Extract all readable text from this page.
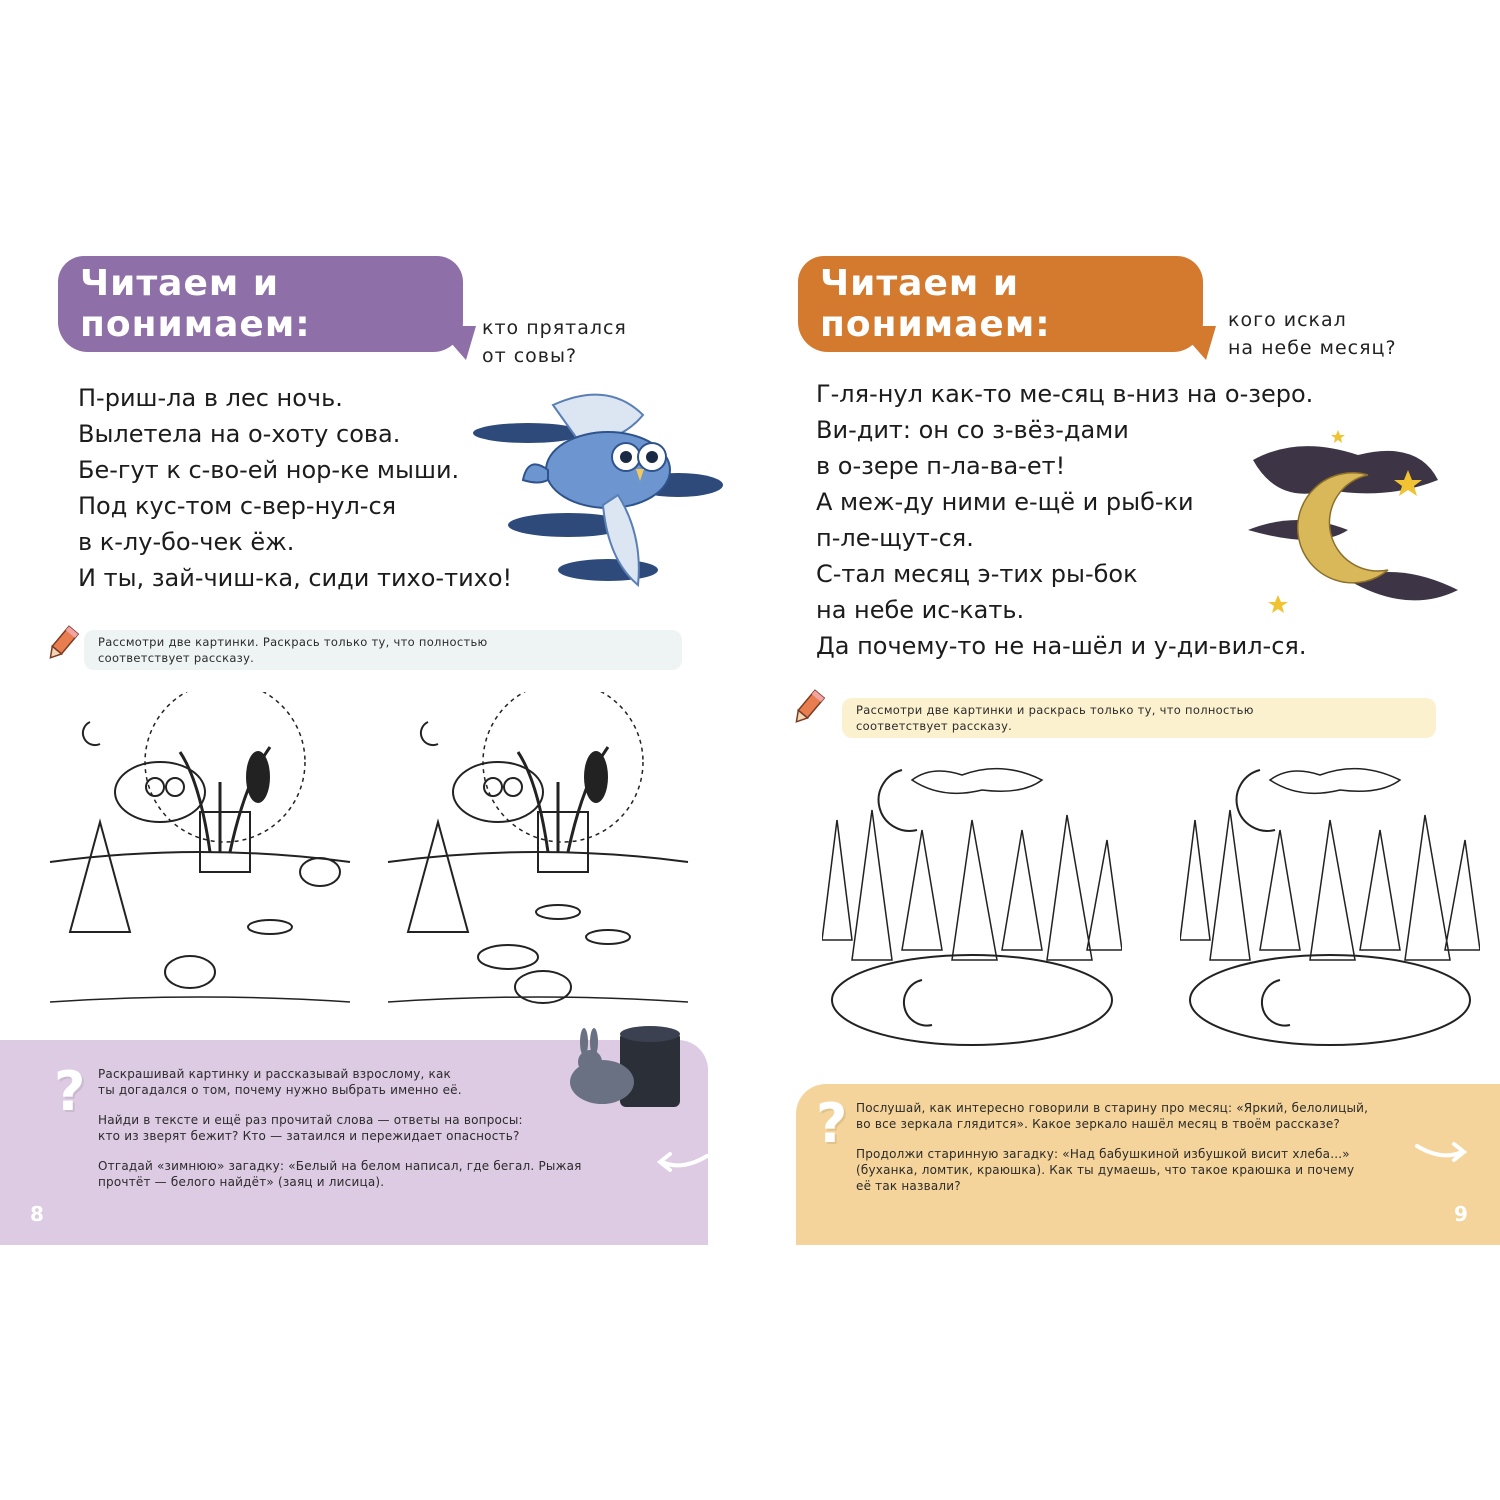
Читаем и понимаем:	кто прятался
от совы?
П-риш-ла в лес ночь.
Вылетела на о-хоту сова.
Бе-гут к с-во-ей нор-ке мыши.
Под кус-том с-вер-нул-ся
в к-лу-бо-чек ёж.
И ты, зай-чиш-ка, сиди тихо-тихо!
Рассмотри две картинки. Раскрась только ту, что полностью
соответствует рассказу.
? Раскрашивай картинку и рассказывай взрослому, как
ты догадался о том, почему нужно выбрать именно её.
Найди в тексте и ещё раз прочитай слова — ответы на вопросы:
кто из зверят бежит? Кто — затаился и пережидает опасность?
Отгадай «зимнюю» загадку: «Белый на белом написал, где бегал. Рыжая
прочтёт — белого найдёт» (заяц и лисица).
8
Читаем и понимаем:	кого искал
на небе месяц?
Г-ля-нул как-то ме-сяц в-низ на о-зеро.
Ви-дит: он со з-вёз-дами
в о-зере п-ла-ва-ет!
А меж-ду ними е-щё и рыб-ки
п-ле-щут-ся.
С-тал месяц э-тих ры-бок
на небе ис-кать.
Да почему-то не на-шёл и у-ди-вил-ся.
Рассмотри две картинки и раскрась только ту, что полностью
соответствует рассказу.
? Послушай, как интересно говорили в старину про месяц: «Яркий, белолицый,
во все зеркала глядится». Какое зеркало нашёл месяц в твоём рассказе?
Продолжи старинную загадку: «Над бабушкиной избушкой висит хлеба...»
(буханка, ломтик, краюшка). Как ты думаешь, что такое краюшка и почему
её так назвали?
9
